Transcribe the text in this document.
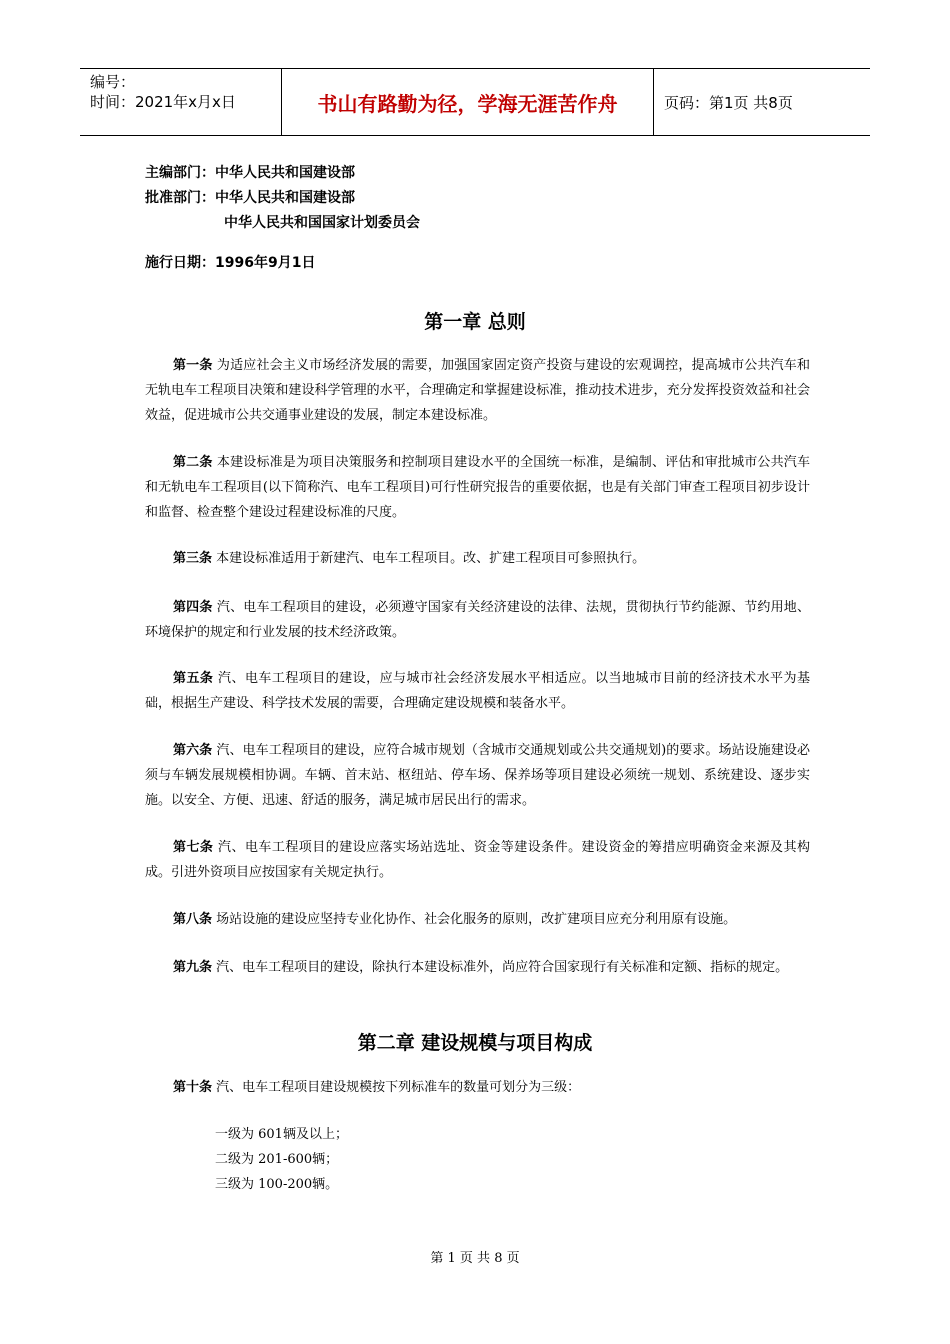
编号：
时间：2021年x月x日	书山有路勤为径，学海无涯苦作舟	页码：第1页 共8页
主编部门：中华人民共和国建设部
批准部门：中华人民共和国建设部
中华人民共和国国家计划委员会
施行日期：1996年9月1日
第一章 总则
第一条 为适应社会主义市场经济发展的需要，加强国家固定资产投资与建设的宏观调控，提高城市公共汽车和无轨电车工程项目决策和建设科学管理的水平，合理确定和掌握建设标准，推动技术进步，充分发挥投资效益和社会效益，促进城市公共交通事业建设的发展，制定本建设标准。
第二条 本建设标准是为项目决策服务和控制项目建设水平的全国统一标准，是编制、评估和审批城市公共汽车和无轨电车工程项目(以下简称汽、电车工程项目)可行性研究报告的重要依据，也是有关部门审查工程项目初步设计和监督、检查整个建设过程建设标准的尺度。
第三条 本建设标准适用于新建汽、电车工程项目。改、扩建工程项目可参照执行。
第四条 汽、电车工程项目的建设，必须遵守国家有关经济建设的法律、法规，贯彻执行节约能源、节约用地、环境保护的规定和行业发展的技术经济政策。
第五条 汽、电车工程项目的建设，应与城市社会经济发展水平相适应。以当地城市目前的经济技术水平为基础，根据生产建设、科学技术发展的需要，合理确定建设规模和装备水平。
第六条 汽、电车工程项目的建设，应符合城市规划（含城市交通规划或公共交通规划)的要求。场站设施建设必须与车辆发展规模相协调。车辆、首末站、枢纽站、停车场、保养场等项目建设必须统一规划、系统建设、逐步实施。以安全、方便、迅速、舒适的服务，满足城市居民出行的需求。
第七条 汽、电车工程项目的建设应落实场站选址、资金等建设条件。建设资金的筹措应明确资金来源及其构成。引进外资项目应按国家有关规定执行。
第八条 场站设施的建设应坚持专业化协作、社会化服务的原则，改扩建项目应充分利用原有设施。
第九条 汽、电车工程项目的建设，除执行本建设标准外，尚应符合国家现行有关标准和定额、指标的规定。
第二章 建设规模与项目构成
第十条 汽、电车工程项目建设规模按下列标准车的数量可划分为三级：
一级为 601辆及以上；
二级为 201-600辆；
三级为 100-200辆。
第 1 页 共 8 页
